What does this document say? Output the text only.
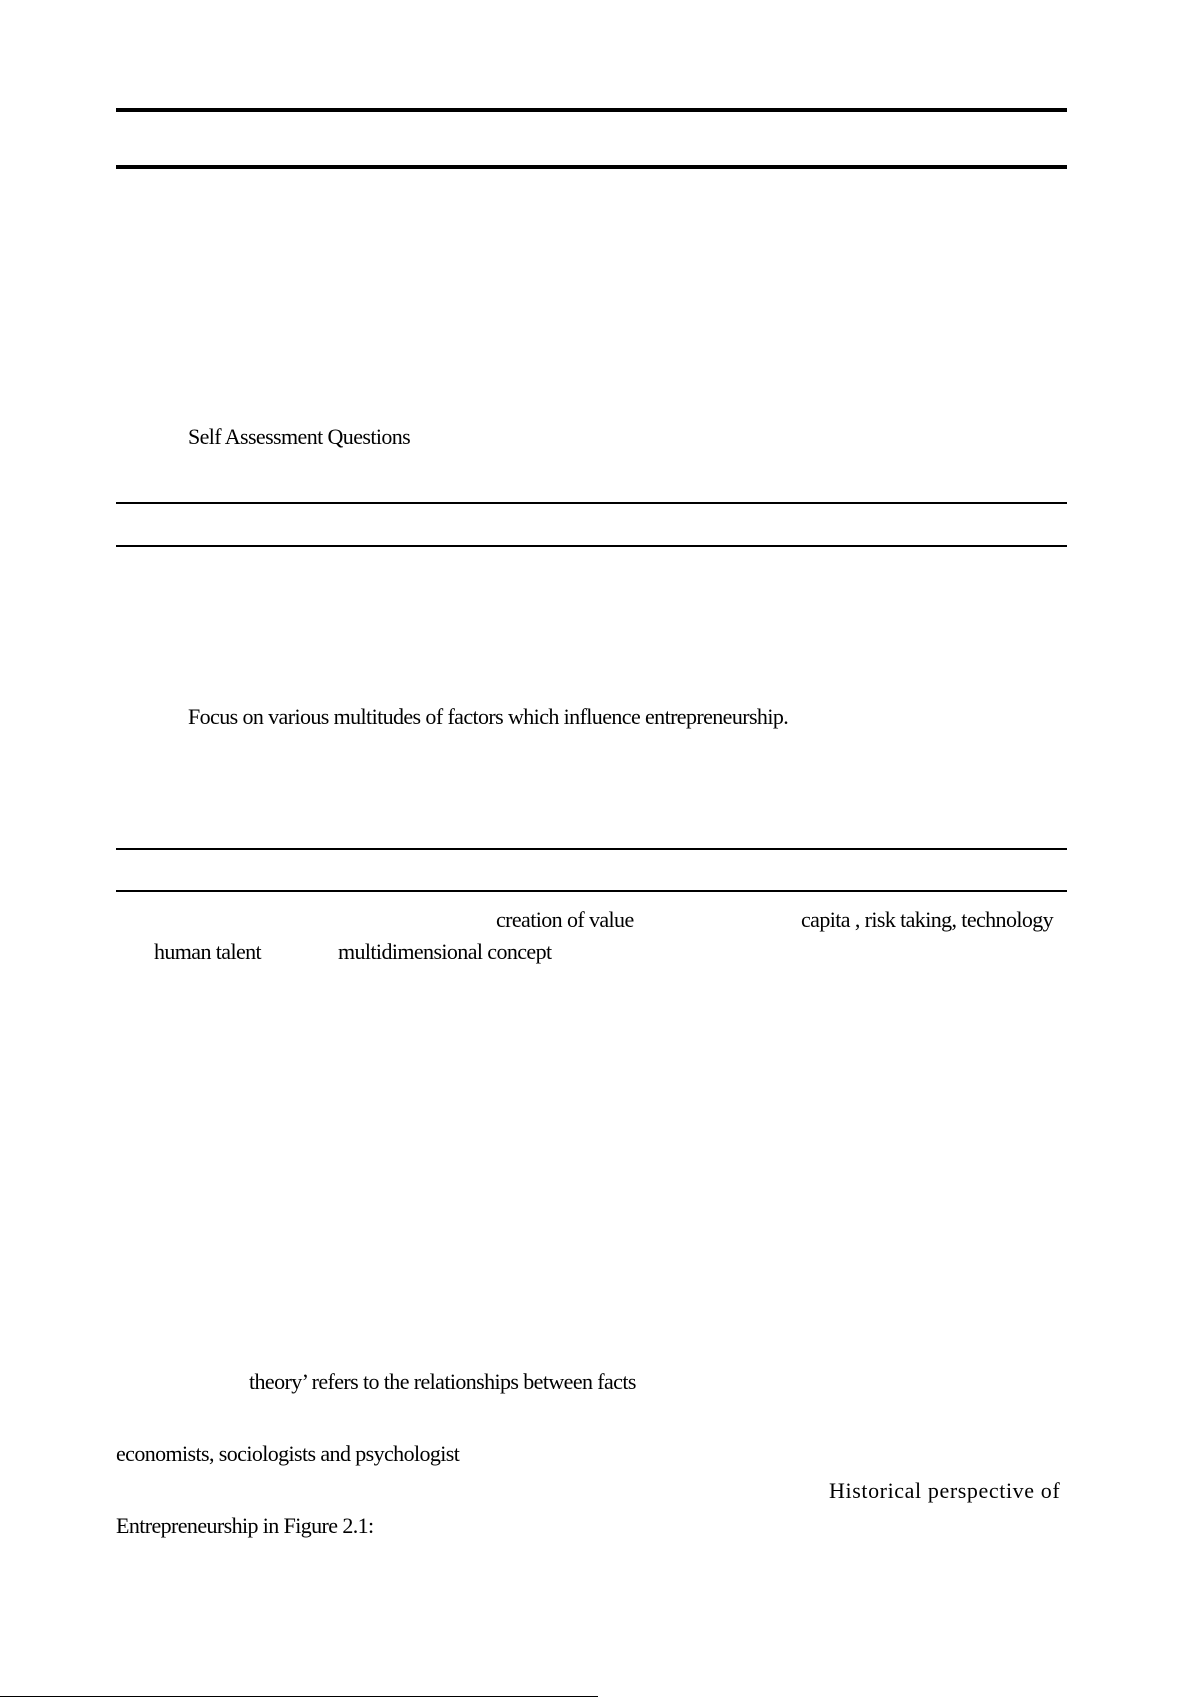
Self Assessment Questions
Focus on various multitudes of factors which influence entrepreneurship.
creation of value	capita , risk taking, technology
human talent	multidimensional concept
theory’ refers to the relationships between facts
economists, sociologists and psychologist
Historical perspective of
Entrepreneurship in Figure 2.1:
